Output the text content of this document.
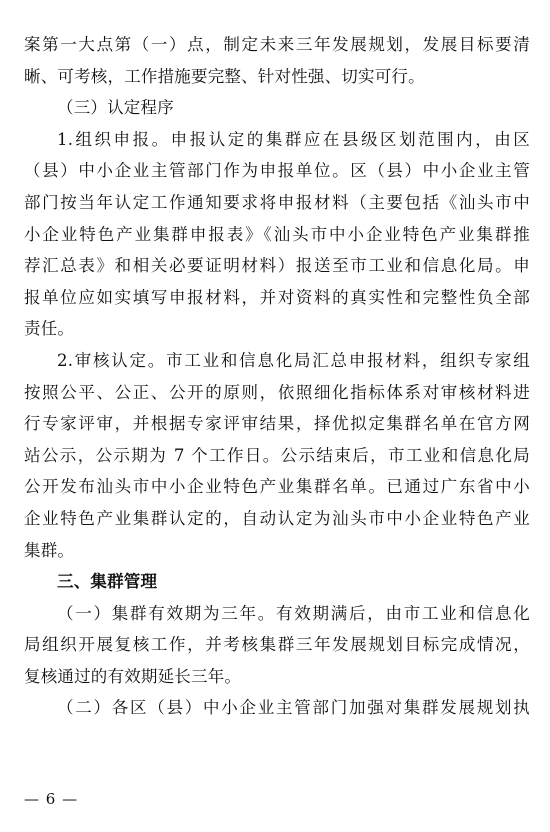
案第一大点第（一）点，制定未来三年发展规划，发展目标要清
晰、可考核，工作措施要完整、针对性强、切实可行。
（三）认定程序
1.组织申报。申报认定的集群应在县级区划范围内，由区
（县）中小企业主管部门作为申报单位。区（县）中小企业主管
部门按当年认定工作通知要求将申报材料（主要包括《汕头市中
小企业特色产业集群申报表》《汕头市中小企业特色产业集群推
荐汇总表》和相关必要证明材料）报送至市工业和信息化局。申
报单位应如实填写申报材料，并对资料的真实性和完整性负全部
责任。
2.审核认定。市工业和信息化局汇总申报材料，组织专家组
按照公平、公正、公开的原则，依照细化指标体系对审核材料进
行专家评审，并根据专家评审结果，择优拟定集群名单在官方网
站公示，公示期为 7 个工作日。公示结束后，市工业和信息化局
公开发布汕头市中小企业特色产业集群名单。已通过广东省中小
企业特色产业集群认定的，自动认定为汕头市中小企业特色产业
集群。
三、集群管理
（一）集群有效期为三年。有效期满后，由市工业和信息化
局组织开展复核工作，并考核集群三年发展规划目标完成情况，
复核通过的有效期延长三年。
（二）各区（县）中小企业主管部门加强对集群发展规划执
— 6 —
